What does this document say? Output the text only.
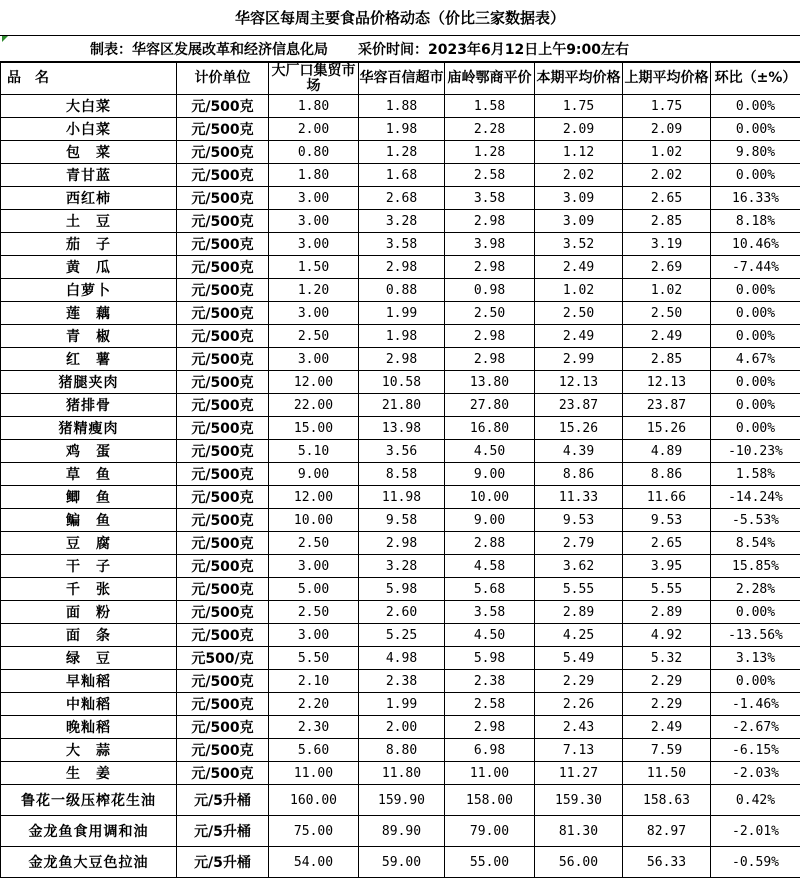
华容区每周主要食品价格动态（价比三家数据表）
制表：华容区发展改革和经济信息化局 采价时间：2023年6月12日上午9:00左右
品　名	计价单位	大厂口集贸市场	华容百信超市	庙岭鄂商平价	本期平均价格	上期平均价格	环比（±%）
大白菜	元/500克	1.80	1.88	1.58	1.75	1.75	0.00%
小白菜	元/500克	2.00	1.98	2.28	2.09	2.09	0.00%
包　菜	元/500克	0.80	1.28	1.28	1.12	1.02	9.80%
青甘蓝	元/500克	1.80	1.68	2.58	2.02	2.02	0.00%
西红柿	元/500克	3.00	2.68	3.58	3.09	2.65	16.33%
土　豆	元/500克	3.00	3.28	2.98	3.09	2.85	8.18%
茄　子	元/500克	3.00	3.58	3.98	3.52	3.19	10.46%
黄　瓜	元/500克	1.50	2.98	2.98	2.49	2.69	-7.44%
白萝卜	元/500克	1.20	0.88	0.98	1.02	1.02	0.00%
莲　藕	元/500克	3.00	1.99	2.50	2.50	2.50	0.00%
青　椒	元/500克	2.50	1.98	2.98	2.49	2.49	0.00%
红　薯	元/500克	3.00	2.98	2.98	2.99	2.85	4.67%
猪腿夹肉	元/500克	12.00	10.58	13.80	12.13	12.13	0.00%
猪排骨	元/500克	22.00	21.80	27.80	23.87	23.87	0.00%
猪精瘦肉	元/500克	15.00	13.98	16.80	15.26	15.26	0.00%
鸡　蛋	元/500克	5.10	3.56	4.50	4.39	4.89	-10.23%
草　鱼	元/500克	9.00	8.58	9.00	8.86	8.86	1.58%
鲫　鱼	元/500克	12.00	11.98	10.00	11.33	11.66	-14.24%
鳊　鱼	元/500克	10.00	9.58	9.00	9.53	9.53	-5.53%
豆　腐	元/500克	2.50	2.98	2.88	2.79	2.65	8.54%
干　子	元/500克	3.00	3.28	4.58	3.62	3.95	15.85%
千　张	元/500克	5.00	5.98	5.68	5.55	5.55	2.28%
面　粉	元/500克	2.50	2.60	3.58	2.89	2.89	0.00%
面　条	元/500克	3.00	5.25	4.50	4.25	4.92	-13.56%
绿　豆	元500/克	5.50	4.98	5.98	5.49	5.32	3.13%
早籼稻	元/500克	2.10	2.38	2.38	2.29	2.29	0.00%
中籼稻	元/500克	2.20	1.99	2.58	2.26	2.29	-1.46%
晚籼稻	元/500克	2.30	2.00	2.98	2.43	2.49	-2.67%
大　蒜	元/500克	5.60	8.80	6.98	7.13	7.59	-6.15%
生　姜	元/500克	11.00	11.80	11.00	11.27	11.50	-2.03%
鲁花一级压榨花生油	元/5升桶	160.00	159.90	158.00	159.30	158.63	0.42%
金龙鱼食用调和油	元/5升桶	75.00	89.90	79.00	81.30	82.97	-2.01%
金龙鱼大豆色拉油	元/5升桶	54.00	59.00	55.00	56.00	56.33	-0.59%
